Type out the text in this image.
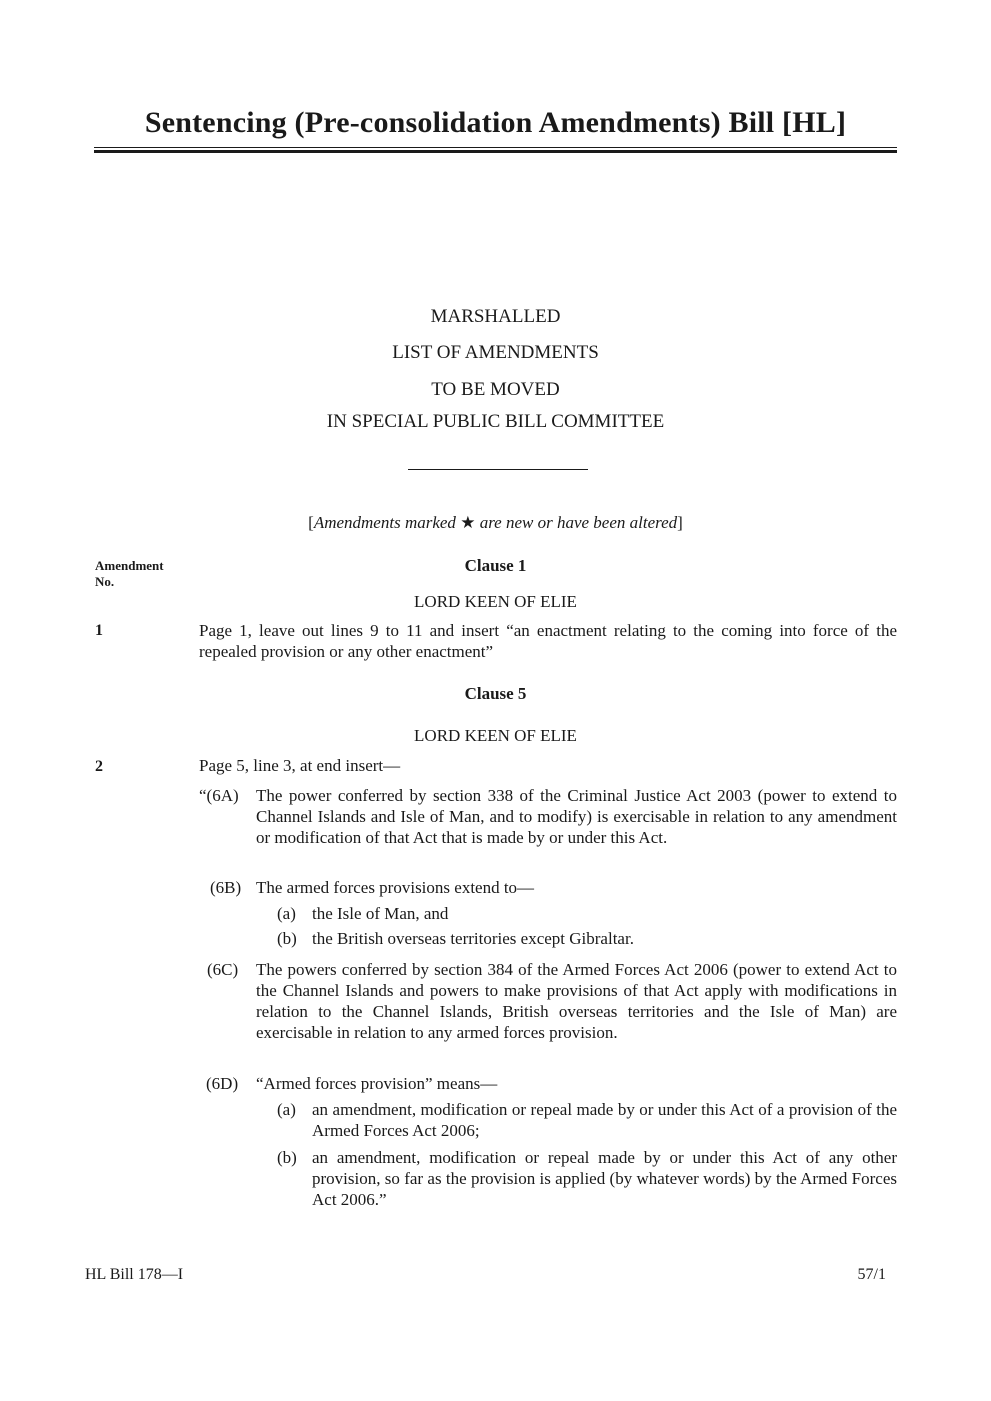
Sentencing (Pre-consolidation Amendments) Bill [HL]
MARSHALLED
LIST OF AMENDMENTS
TO BE MOVED
IN SPECIAL PUBLIC BILL COMMITTEE
[Amendments marked ★ are new or have been altered]
Amendment
No.
Clause 1
LORD KEEN OF ELIE
1	Page 1, leave out lines 9 to 11 and insert “an enactment relating to the coming into force of the repealed provision or any other enactment”
Clause 5
LORD KEEN OF ELIE
2	Page 5, line 3, at end insert—
“(6A) The power conferred by section 338 of the Criminal Justice Act 2003 (power to extend to Channel Islands and Isle of Man, and to modify) is exercisable in relation to any amendment or modification of that Act that is made by or under this Act.
(6B) The armed forces provisions extend to—
(a) the Isle of Man, and
(b) the British overseas territories except Gibraltar.
(6C) The powers conferred by section 384 of the Armed Forces Act 2006 (power to extend Act to the Channel Islands and powers to make provisions of that Act apply with modifications in relation to the Channel Islands, British overseas territories and the Isle of Man) are exercisable in relation to any armed forces provision.
(6D) “Armed forces provision” means—
(a) an amendment, modification or repeal made by or under this Act of a provision of the Armed Forces Act 2006;
(b) an amendment, modification or repeal made by or under this Act of any other provision, so far as the provision is applied (by whatever words) by the Armed Forces Act 2006.”
HL Bill 178—I	57/1
